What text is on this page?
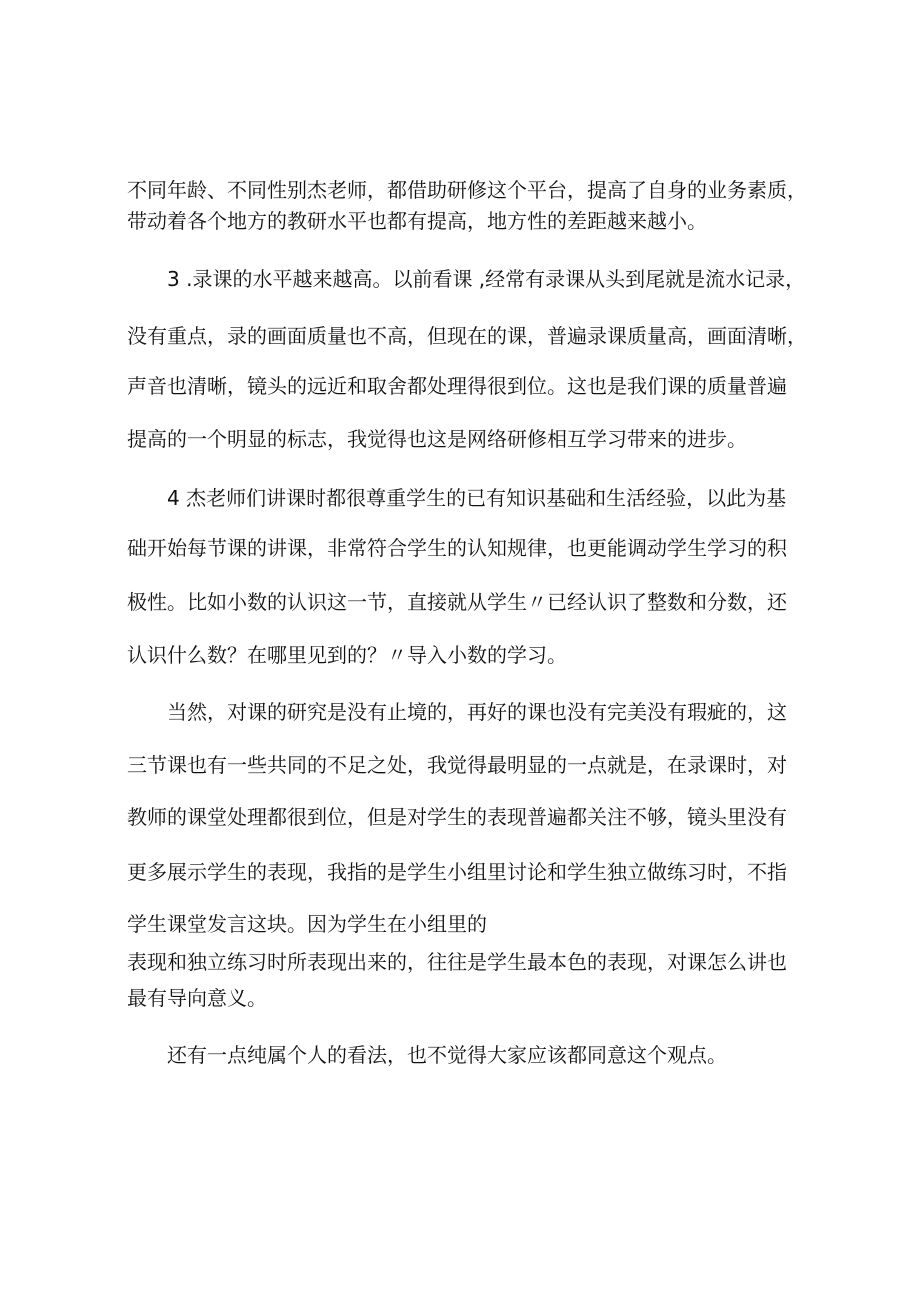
不同年龄、不同性别杰老师，都借助研修这个平台，提高了自身的业务素质，
带动着各个地方的教研水平也都有提高，地方性的差距越来越小。
3 .录课的水平越来越高。以前看课 ,经常有录课从头到尾就是流水记录，
没有重点，录的画面质量也不高，但现在的课，普遍录课质量高，画面清晰，
声音也清晰，镜头的远近和取舍都处理得很到位。这也是我们课的质量普遍
提高的一个明显的标志，我觉得也这是网络研修相互学习带来的进步。
4 杰老师们讲课时都很尊重学生的已有知识基础和生活经验，以此为基
础开始每节课的讲课，非常符合学生的认知规律，也更能调动学生学习的积
极性。比如小数的认识这一节，直接就从学生〃已经认识了整数和分数，还
认识什么数？在哪里见到的？〃导入小数的学习。
当然，对课的研究是没有止境的，再好的课也没有完美没有瑕疵的，这
三节课也有一些共同的不足之处，我觉得最明显的一点就是，在录课时，对
教师的课堂处理都很到位，但是对学生的表现普遍都关注不够，镜头里没有
更多展示学生的表现，我指的是学生小组里讨论和学生独立做练习时，不指
学生课堂发言这块。因为学生在小组里的
表现和独立练习时所表现出来的，往往是学生最本色的表现，对课怎么讲也
最有导向意义。
还有一点纯属个人的看法，也不觉得大家应该都同意这个观点。
